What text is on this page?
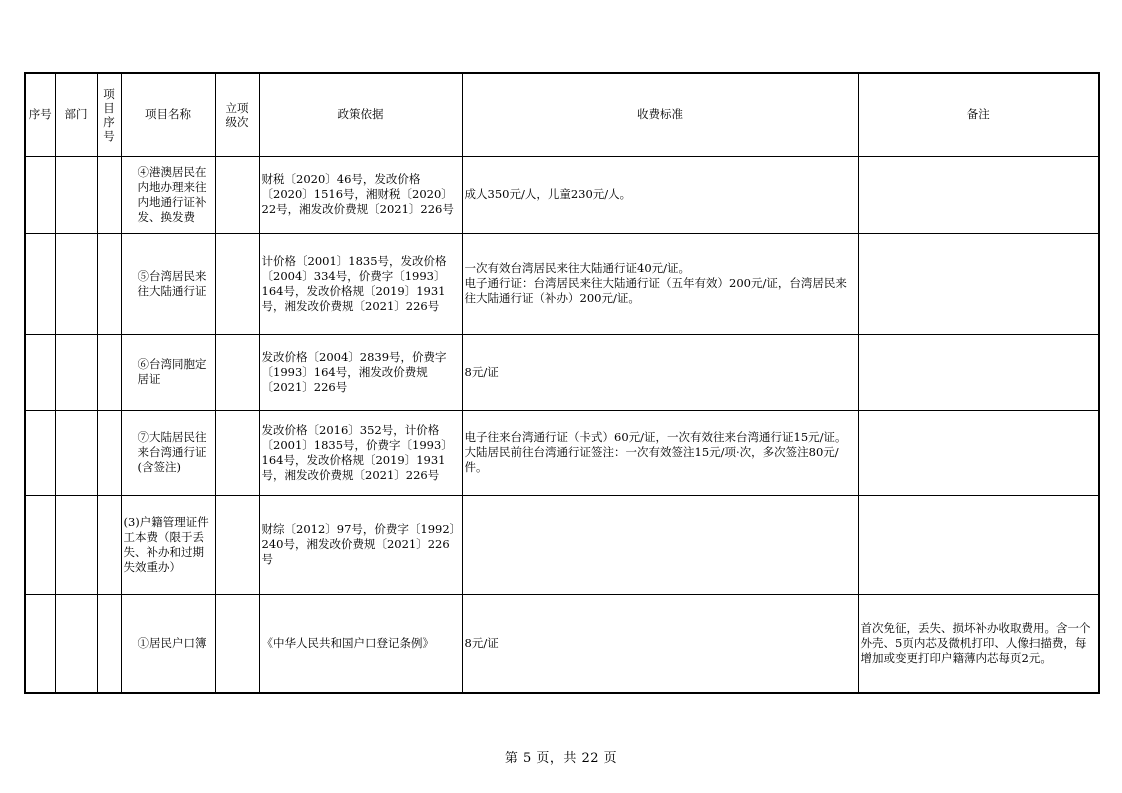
序号	部门	项目序号	项目名称	立项级次	政策依据	收费标准	备注

			④港澳居民在内地办理来往内地通行证补发、换发费		财税〔2020〕46号，发改价格〔2020〕1516号，湘财税〔2020〕22号，湘发改价费规〔2021〕226号	成人350元/人，儿童230元/人。	

			⑤台湾居民来往大陆通行证		计价格〔2001〕1835号，发改价格〔2004〕334号，价费字〔1993〕164号，发改价格规〔2019〕1931号，湘发改价费规〔2021〕226号	一次有效台湾居民来往大陆通行证40元/证。
电子通行证：台湾居民来往大陆通行证（五年有效）200元/证，台湾居民来往大陆通行证（补办）200元/证。	

			⑥台湾同胞定居证		发改价格〔2004〕2839号，价费字〔1993〕164号，湘发改价费规〔2021〕226号	8元/证	

			⑦大陆居民往来台湾通行证(含签注)		发改价格〔2016〕352号，计价格〔2001〕1835号，价费字〔1993〕164号，发改价格规〔2019〕1931号，湘发改价费规〔2021〕226号	电子往来台湾通行证（卡式）60元/证，一次有效往来台湾通行证15元/证。大陆居民前往台湾通行证签注：一次有效签注15元/项·次，多次签注80元/件。	

			(3)户籍管理证件工本费（限于丢失、补办和过期失效重办）		财综〔2012〕97号，价费字〔1992〕240号，湘发改价费规〔2021〕226号		

			①居民户口簿		《中华人民共和国户口登记条例》	8元/证	首次免征，丢失、损坏补办收取费用。含一个外壳、5页内芯及微机打印、人像扫描费，每增加或变更打印户籍薄内芯每页2元。
第 5 页，共 22 页
